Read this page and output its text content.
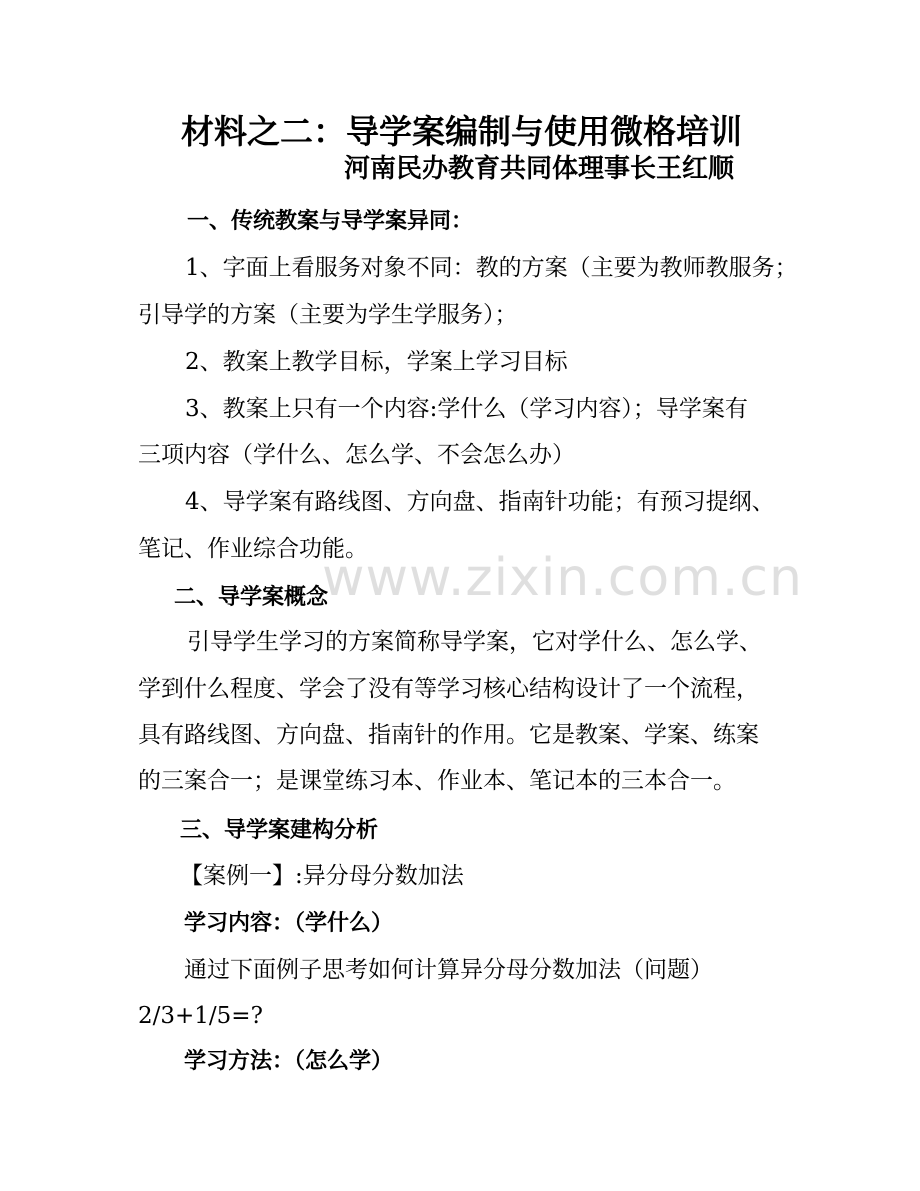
材料之二：导学案编制与使用微格培训
河南民办教育共同体理事长王红顺
一、传统教案与导学案异同：
1、字面上看服务对象不同：教的方案（主要为教师教服务；
引导学的方案（主要为学生学服务）；
2、教案上教学目标，学案上学习目标
3、教案上只有一个内容:学什么（学习内容）；导学案有
三项内容（学什么、怎么学、不会怎么办）
4、导学案有路线图、方向盘、指南针功能；有预习提纲、
笔记、作业综合功能。
二、导学案概念
引导学生学习的方案简称导学案，它对学什么、怎么学、
学到什么程度、学会了没有等学习核心结构设计了一个流程，
具有路线图、方向盘、指南针的作用。它是教案、学案、练案
的三案合一；是课堂练习本、作业本、笔记本的三本合一。
三、导学案建构分析
【案例一】:异分母分数加法
学习内容：（学什么）
通过下面例子思考如何计算异分母分数加法（问题）
2/3+1/5=?
学习方法：（怎么学）
www.zixin.com.cn
